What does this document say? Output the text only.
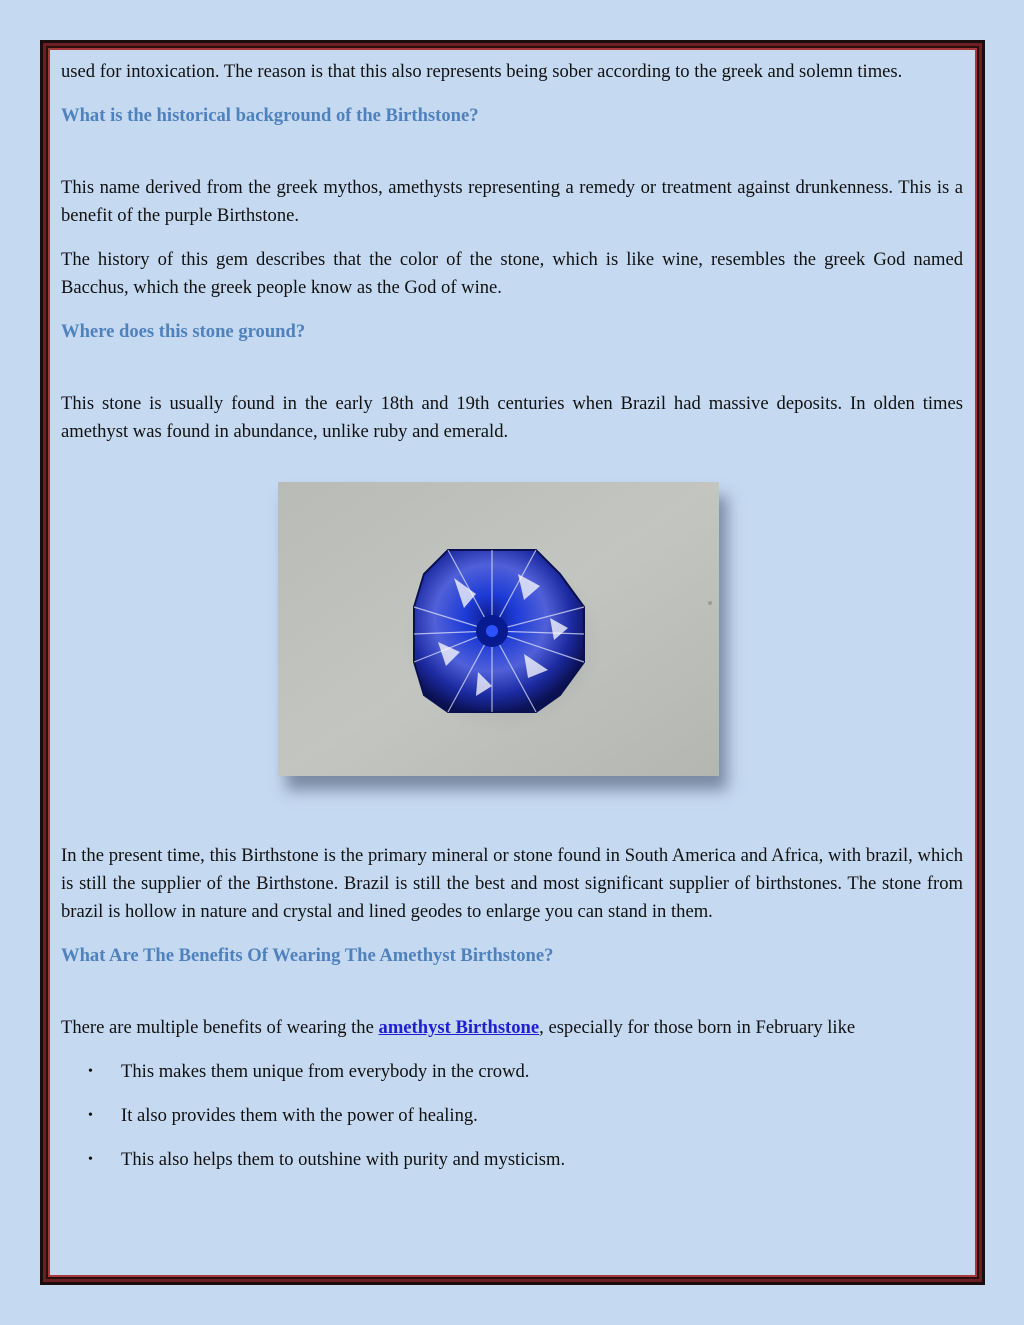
used for intoxication. The reason is that this also represents being sober according to the greek and solemn times.

What is the historical background of the Birthstone?

This name derived from the greek mythos, amethysts representing a remedy or treatment against drunkenness. This is a benefit of the purple Birthstone.

The history of this gem describes that the color of the stone, which is like wine, resembles the greek God named Bacchus, which the greek people know as the God of wine.

Where does this stone ground?

This stone is usually found in the early 18th and 19th centuries when Brazil had massive deposits. In olden times amethyst was found in abundance, unlike ruby and emerald.

In the present time, this Birthstone is the primary mineral or stone found in South America and Africa, with brazil, which is still the supplier of the Birthstone. Brazil is still the best and most significant supplier of birthstones. The stone from brazil is hollow in nature and crystal and lined geodes to enlarge you can stand in them.

What Are The Benefits Of Wearing The Amethyst Birthstone?

There are multiple benefits of wearing the amethyst Birthstone, especially for those born in February like

• This makes them unique from everybody in the crowd.
• It also provides them with the power of healing.
• This also helps them to outshine with purity and mysticism.
